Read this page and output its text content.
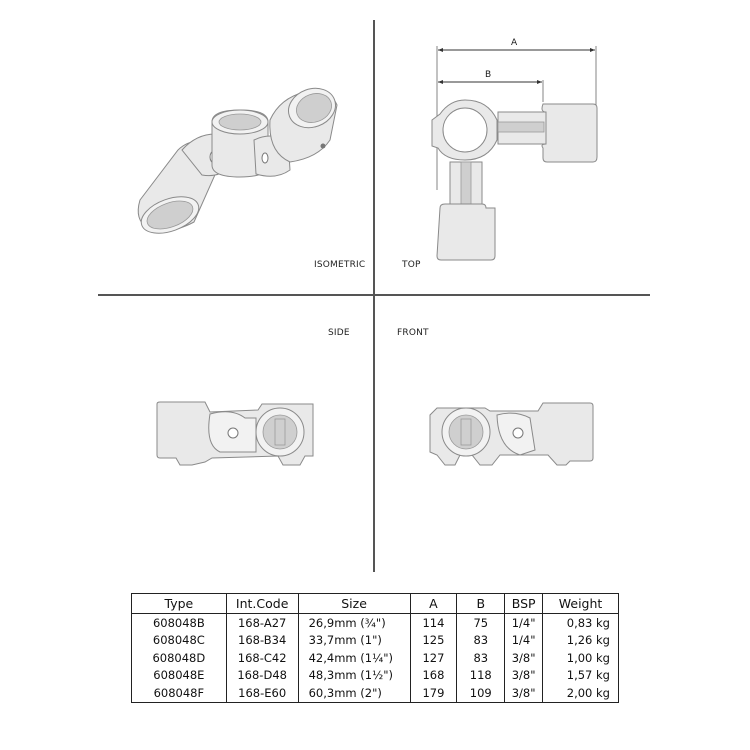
ISOMETRIC
A
B
TOP
SIDE	FRONT
Type	Int.Code	Size	A	B	BSP	Weight
608048B	168-A27	26,9mm (¾")	114	75	1/4"	0,83 kg
608048C	168-B34	33,7mm (1")	125	83	1/4"	1,26 kg
608048D	168-C42	42,4mm (1¼")	127	83	3/8"	1,00 kg
608048E	168-D48	48,3mm (1½")	168	118	3/8"	1,57 kg
608048F	168-E60	60,3mm (2")	179	109	3/8"	2,00 kg
